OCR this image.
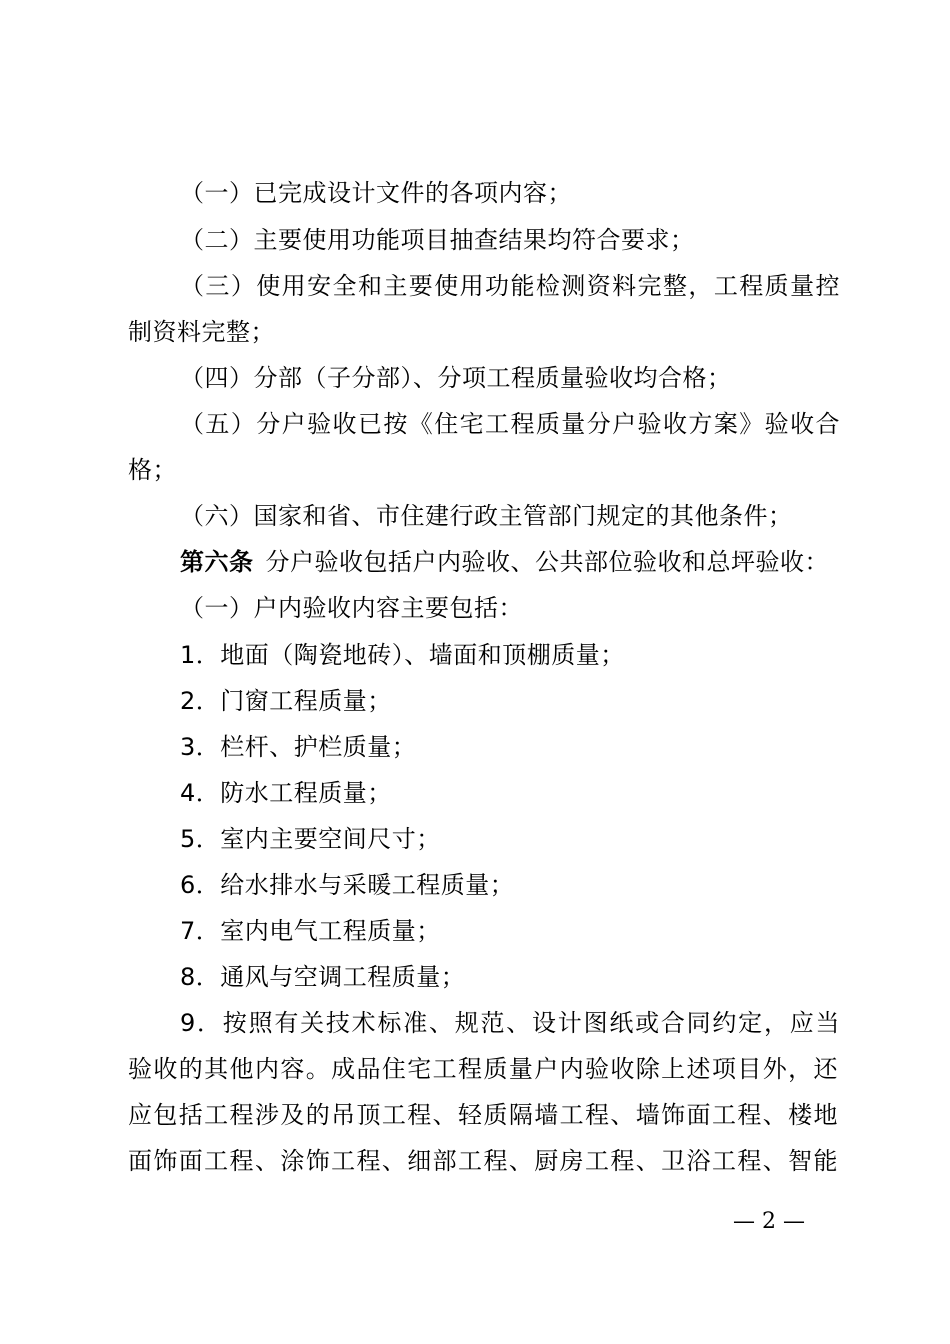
（一）已完成设计文件的各项内容；
（二）主要使用功能项目抽查结果均符合要求；
（三）使用安全和主要使用功能检测资料完整，工程质量控
制资料完整；
（四）分部（子分部）、分项工程质量验收均合格；
（五）分户验收已按《住宅工程质量分户验收方案》验收合
格；
（六）国家和省、市住建行政主管部门规定的其他条件；
第六条 分户验收包括户内验收、公共部位验收和总坪验收：
（一）户内验收内容主要包括：
1．地面（陶瓷地砖）、墙面和顶棚质量；
2．门窗工程质量；
3．栏杆、护栏质量；
4．防水工程质量；
5．室内主要空间尺寸；
6．给水排水与采暖工程质量；
7．室内电气工程质量；
8．通风与空调工程质量；
9．按照有关技术标准、规范、设计图纸或合同约定，应当
验收的其他内容。成品住宅工程质量户内验收除上述项目外，还
应包括工程涉及的吊顶工程、轻质隔墙工程、墙饰面工程、楼地
面饰面工程、涂饰工程、细部工程、厨房工程、卫浴工程、智能
— 2 —
